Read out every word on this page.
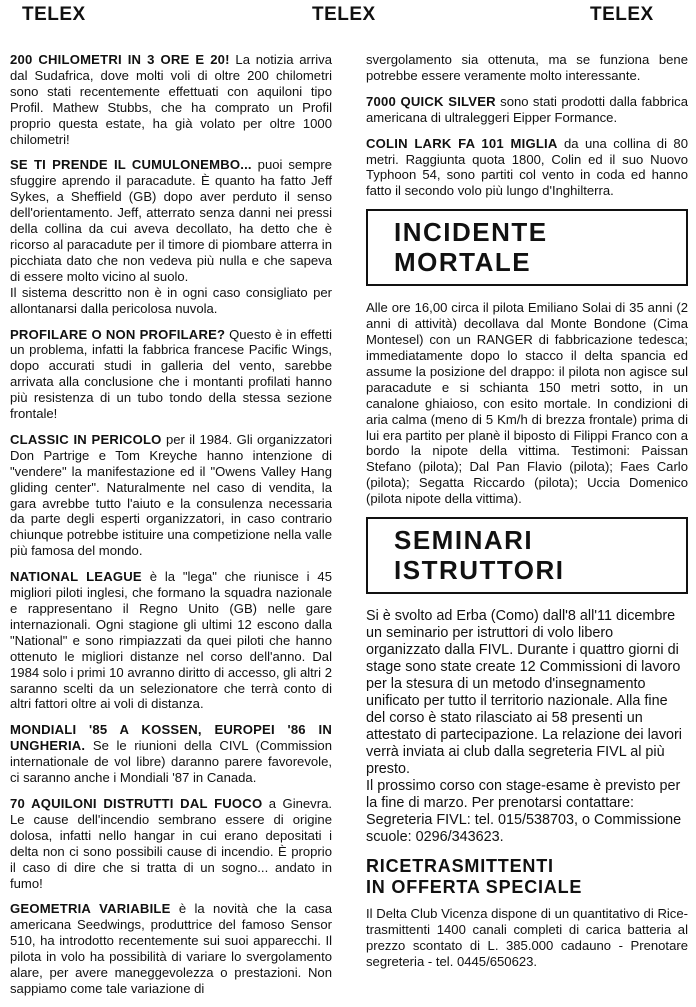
TELEX	TELEX	TELEX

200 CHILOMETRI IN 3 ORE E 20! La notizia arriva dal Sudafrica, dove molti voli di oltre 200 chilometri sono stati recentemente effettuati con aquiloni tipo Profil. Mathew Stubbs, che ha comprato un Profil proprio questa estate, ha già volato per oltre 1000 chilometri!

SE TI PRENDE IL CUMULONEMBO... puoi sempre sfuggire aprendo il paracadute. È quanto ha fatto Jeff Sykes, a Sheffield (GB) dopo aver perduto il senso dell'orientamento. Jeff, atterrato senza danni nei pressi della collina da cui aveva decollato, ha detto che è ricorso al paracadute per il timore di piombare atterra in picchiata dato che non vedeva più nulla e che sapeva di essere molto vicino al suolo.
Il sistema descritto non è in ogni caso consigliato per allontanarsi dalla pericolosa nuvola.

PROFILARE O NON PROFILARE? Questo è in effetti un problema, infatti la fabbrica francese Pacific Wings, dopo accurati studi in galleria del vento, sarebbe arrivata alla conclusione che i montanti profilati hanno più resistenza di un tubo tondo della stessa sezione frontale!

CLASSIC IN PERICOLO per il 1984. Gli organizzatori Don Partrige e Tom Kreyche hanno intenzione di "vendere" la manifestazione ed il "Owens Valley Hang gliding center". Naturalmente nel caso di vendita, la gara avrebbe tutto l'aiuto e la consulenza necessaria da parte degli esperti organizzatori, in caso contrario chiunque potrebbe istituire una competizione nella valle più famosa del mondo.

NATIONAL LEAGUE è la "lega" che riunisce i 45 migliori piloti inglesi, che formano la squadra nazionale e rappresentano il Regno Unito (GB) nelle gare internazionali. Ogni stagione gli ultimi 12 escono dalla "National" e sono rimpiazzati da quei piloti che hanno ottenuto le migliori distanze nel corso dell'anno. Dal 1984 solo i primi 10 avranno diritto di accesso, gli altri 2 saranno scelti da un selezionatore che terrà conto di altri fattori oltre ai voli di distanza.

MONDIALI '85 A KOSSEN, EUROPEI '86 IN UNGHERIA. Se le riunioni della CIVL (Commission internationale de vol libre) daranno parere favorevole, ci saranno anche i Mondiali '87 in Canada.

70 AQUILONI DISTRUTTI DAL FUOCO a Ginevra. Le cause dell'incendio sembrano essere di origine dolosa, infatti nello hangar in cui erano depositati i delta non ci sono possibili cause di incendio. È proprio il caso di dire che si tratta di un sogno... andato in fumo!

GEOMETRIA VARIABILE è la novità che la casa americana Seedwings, produttrice del famoso Sensor 510, ha introdotto recentemente sui suoi apparecchi. Il pilota in volo ha possibilità di variare lo svergolamento alare, per avere maneggevolezza o prestazioni. Non sappiamo come tale variazione di

svergolamento sia ottenuta, ma se funziona bene potrebbe essere veramente molto interessante.

7000 QUICK SILVER sono stati prodotti dalla fabbrica americana di ultraleggeri Eipper Formance.

COLIN LARK FA 101 MIGLIA da una collina di 80 metri. Raggiunta quota 1800, Colin ed il suo Nuovo Typhoon 54, sono partiti col vento in coda ed hanno fatto il secondo volo più lungo d'Inghilterra.

INCIDENTE
MORTALE

Alle ore 16,00 circa il pilota Emiliano Solai di 35 anni (2 anni di attività) decollava dal Monte Bondone (Cima Montesel) con un RANGER di fabbricazione tedesca; immediatamente dopo lo stacco il delta spancia ed assume la posizione del drappo: il pilota non agisce sul paracadute e si schianta 150 metri sotto, in un canalone ghiaioso, con esito mortale. In condizioni di aria calma (meno di 5 Km/h di brezza frontale) prima di lui era partito per planè il biposto di Filippi Franco con a bordo la nipote della vittima. Testimoni: Paissan Stefano (pilota); Dal Pan Flavio (pilota); Faes Carlo (pilota); Segatta Riccardo (pilota); Uccia Domenico (pilota nipote della vittima).

SEMINARI
ISTRUTTORI

Si è svolto ad Erba (Como) dall'8 all'11 dicembre un seminario per istruttori di volo libero organizzato dalla FIVL. Durante i quattro giorni di stage sono state create 12 Commissioni di lavoro per la stesura di un metodo d'insegnamento unificato per tutto il territorio nazionale. Alla fine del corso è stato rilasciato ai 58 presenti un attestato di partecipazione. La relazione dei lavori verrà inviata ai club dalla segreteria FIVL al più presto.

Il prossimo corso con stage-esame è previsto per la fine di marzo. Per prenotarsi contattare: Segreteria FIVL: tel. 015/538703, o Commissione scuole: 0296/343623.

RICETRASMITTENTI
IN OFFERTA SPECIALE

Il Delta Club Vicenza dispone di un quantitativo di Rice-trasmittenti 1400 canali completi di carica batteria al prezzo scontato di L. 385.000 cadauno - Prenotare segreteria - tel. 0445/650623.
